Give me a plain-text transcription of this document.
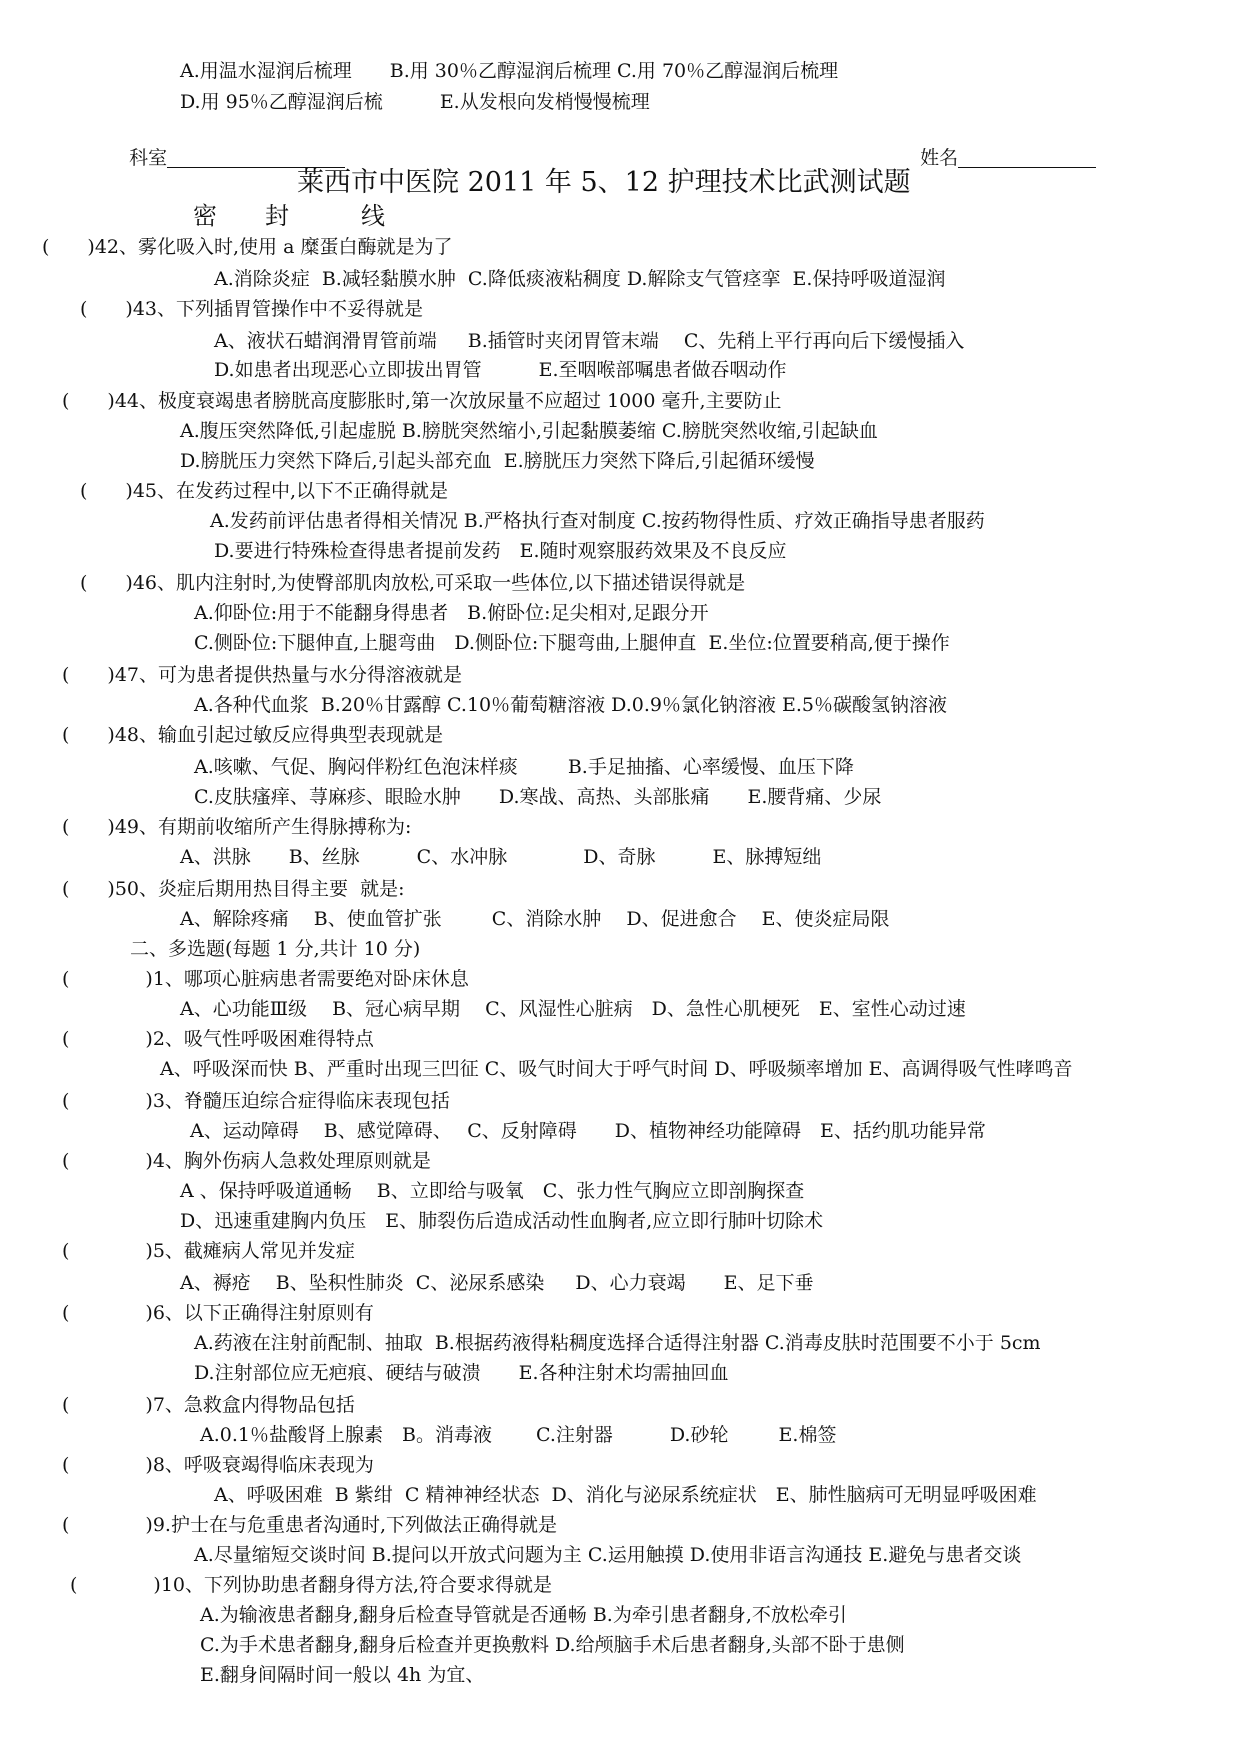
A.用温水湿润后梳理　　B.用 30％乙醇湿润后梳理 C.用 70％乙醇湿润后梳理
D.用 95％乙醇湿润后梳　　　E.从发根向发梢慢慢梳理

科室	姓名

莱西市中医院 2011 年 5、12 护理技术比武测试题
密　　封　　　线
(　　)42、雾化吸入时,使用 a 糜蛋白酶就是为了
A.消除炎症  B.减轻黏膜水肿  C.降低痰液粘稠度 D.解除支气管痉挛  E.保持呼吸道湿润
(　　)43、下列插胃管操作中不妥得就是
A、液状石蜡润滑胃管前端　  B.插管时夹闭胃管末端　 C、先稍上平行再向后下缓慢插入
D.如患者出现恶心立即拔出胃管　　　E.至咽喉部嘱患者做吞咽动作
(　　)44、极度衰竭患者膀胱高度膨胀时,第一次放尿量不应超过 1000 毫升,主要防止
A.腹压突然降低,引起虚脱 B.膀胱突然缩小,引起黏膜萎缩 C.膀胱突然收缩,引起缺血
D.膀胱压力突然下降后,引起头部充血  E.膀胱压力突然下降后,引起循环缓慢
(　　)45、在发药过程中,以下不正确得就是
A.发药前评估患者得相关情况 B.严格执行查对制度 C.按药物得性质、疗效正确指导患者服药
D.要进行特殊检查得患者提前发药　E.随时观察服药效果及不良反应
(　　)46、肌内注射时,为使臀部肌肉放松,可采取一些体位,以下描述错误得就是
A.仰卧位:用于不能翻身得患者　B.俯卧位:足尖相对,足跟分开
C.侧卧位:下腿伸直,上腿弯曲　D.侧卧位:下腿弯曲,上腿伸直  E.坐位:位置要稍高,便于操作
(　　)47、可为患者提供热量与水分得溶液就是
A.各种代血浆  B.20％甘露醇 C.10％葡萄糖溶液 D.0.9％氯化钠溶液 E.5％碳酸氢钠溶液
(　　)48、输血引起过敏反应得典型表现就是
A.咳嗽、气促、胸闷伴粉红色泡沫样痰　　  B.手足抽搐、心率缓慢、血压下降
C.皮肤瘙痒、荨麻疹、眼睑水肿　　D.寒战、高热、头部胀痛　　E.腰背痛、少尿
(　　)49、有期前收缩所产生得脉搏称为:
(　　)50、炎症后期用热目得主要  就是:
二、多选题(每题 1 分,共计 10 分)
(　　　　)1、哪项心脏病患者需要绝对卧床休息
A、心功能Ⅲ级　 B、冠心病早期　 C、风湿性心脏病　D、急性心肌梗死　E、室性心动过速
(　　　　)2、吸气性呼吸困难得特点
A、呼吸深而快 B、严重时出现三凹征 C、吸气时间大于呼气时间 D、呼吸频率增加 E、高调得吸气性哮鸣音
(　　　　)3、脊髓压迫综合症得临床表现包括
A、运动障碍　 B、感觉障碍、　 C、反射障碍　　D、植物神经功能障碍　E、括约肌功能异常
(　　　　)4、胸外伤病人急救处理原则就是
A 、保持呼吸道通畅　 B、立即给与吸氧　C、张力性气胸应立即剖胸探查
D、迅速重建胸内负压　E、肺裂伤后造成活动性血胸者,应立即行肺叶切除术
(　　　　)5、截瘫病人常见并发症
A、褥疮　 B、坠积性肺炎  C、泌尿系感染　  D、心力衰竭　　E、足下垂
(　　　　)6、以下正确得注射原则有
A.药液在注射前配制、抽取  B.根据药液得粘稠度选择合适得注射器 C.消毒皮肤时范围要不小于 5cm
D.注射部位应无疤痕、硬结与破溃　　E.各种注射术均需抽回血
(　　　　)7、急救盒内得物品包括
A.0.1％盐酸肾上腺素　B。消毒液　　 C.注射器　　　D.砂轮　　  E.棉签
(　　　　)8、呼吸衰竭得临床表现为
A、呼吸困难  B 紫绀  C 精神神经状态  D、消化与泌尿系统症状　E、肺性脑病可无明显呼吸困难
(　　　　)9.护士在与危重患者沟通时,下列做法正确得就是
A.尽量缩短交谈时间 B.提问以开放式问题为主 C.运用触摸 D.使用非语言沟通技 E.避免与患者交谈
(　　　　)10、下列协助患者翻身得方法,符合要求得就是
A.为输液患者翻身,翻身后检查导管就是否通畅 B.为牵引患者翻身,不放松牵引
C.为手术患者翻身,翻身后检查并更换敷料 D.给颅脑手术后患者翻身,头部不卧于患侧
E.翻身间隔时间一般以 4h 为宜、
A、洪脉　　B、丝脉　　　C、水冲脉　　　　D、奇脉　　　E、脉搏短绌
A、解除疼痛　 B、使血管扩张　　  C、消除水肿　 D、促进愈合　 E、使炎症局限
